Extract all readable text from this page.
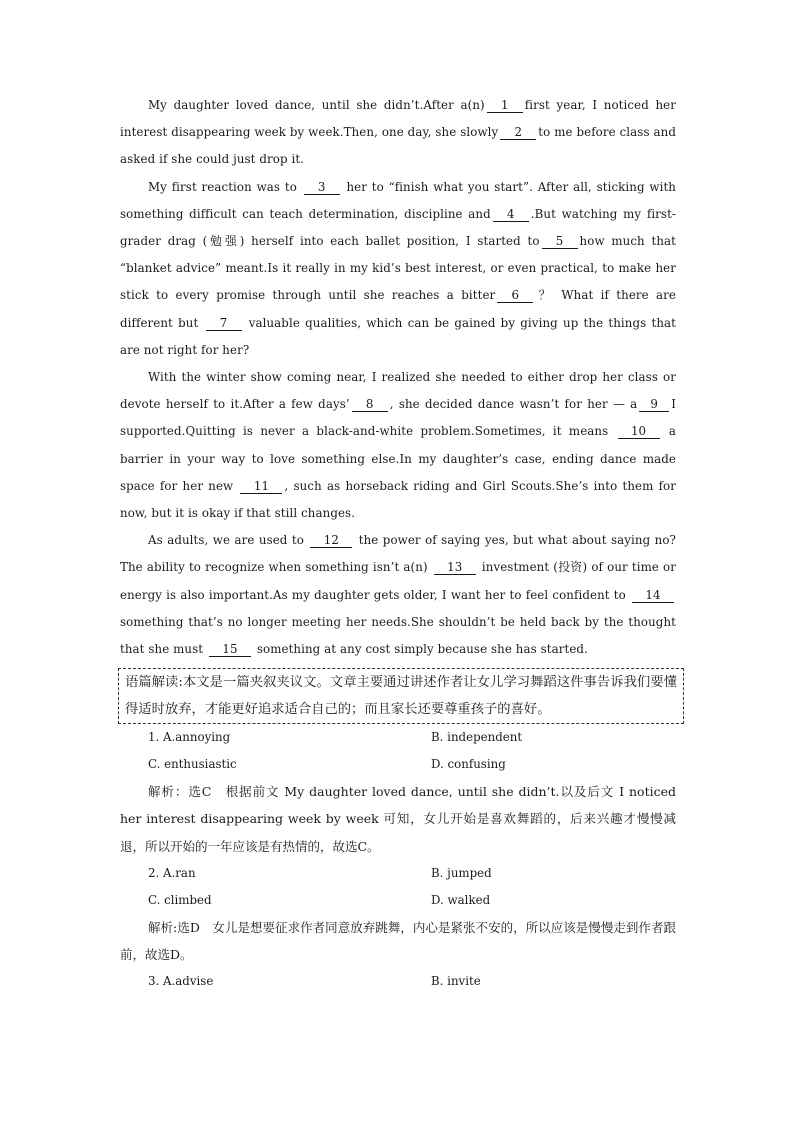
My daughter loved dance, until she didn’t.After a(n) 1 first year, I noticed her interest disappearing week by week.Then, one day, she slowly 2 to me before class and asked if she could just drop it.

My first reaction was to 3 her to “finish what you start”. After all, sticking with something difficult can teach determination, discipline and 4 .But watching my first-grader drag (勉强) herself into each ballet position, I started to 5 how much that “blanket advice” meant.Is it really in my kid’s best interest, or even practical, to make her stick to every promise through until she reaches a bitter 6 ？ What if there are different but 7 valuable qualities, which can be gained by giving up the things that are not right for her?

With the winter show coming near, I realized she needed to either drop her class or devote herself to it.After a few days’ 8 , she decided dance wasn’t for her — a 9 I supported.Quitting is never a black-and-white problem.Sometimes, it means 10 a barrier in your way to love something else.In my daughter’s case, ending dance made space for her new 11 , such as horseback riding and Girl Scouts.She’s into them for now, but it is okay if that still changes.

As adults, we are used to 12 the power of saying yes, but what about saying no? The ability to recognize when something isn’t a(n) 13 investment (投资) of our time or energy is also important.As my daughter gets older, I want her to feel confident to 14 something that’s no longer meeting her needs.She shouldn’t be held back by the thought that she must 15 something at any cost simply because she has started.

语篇解读:本文是一篇夹叙夹议文。文章主要通过讲述作者让女儿学习舞蹈这件事告诉我们要懂得适时放弃，才能更好追求适合自己的；而且家长还要尊重孩子的喜好。
1. A.annoying	B. independent
C. enthusiastic	D. confusing

解析：选C　根据前文 My daughter loved dance, until she didn’t.以及后文 I noticed her interest disappearing week by week 可知，女儿开始是喜欢舞蹈的，后来兴趣才慢慢减退，所以开始的一年应该是有热情的，故选C。

2. A.ran	B. jumped
C. climbed	D. walked

解析:选D　女儿是想要征求作者同意放弃跳舞，内心是紧张不安的，所以应该是慢慢走到作者跟前，故选D。

3. A.advise	B. invite
